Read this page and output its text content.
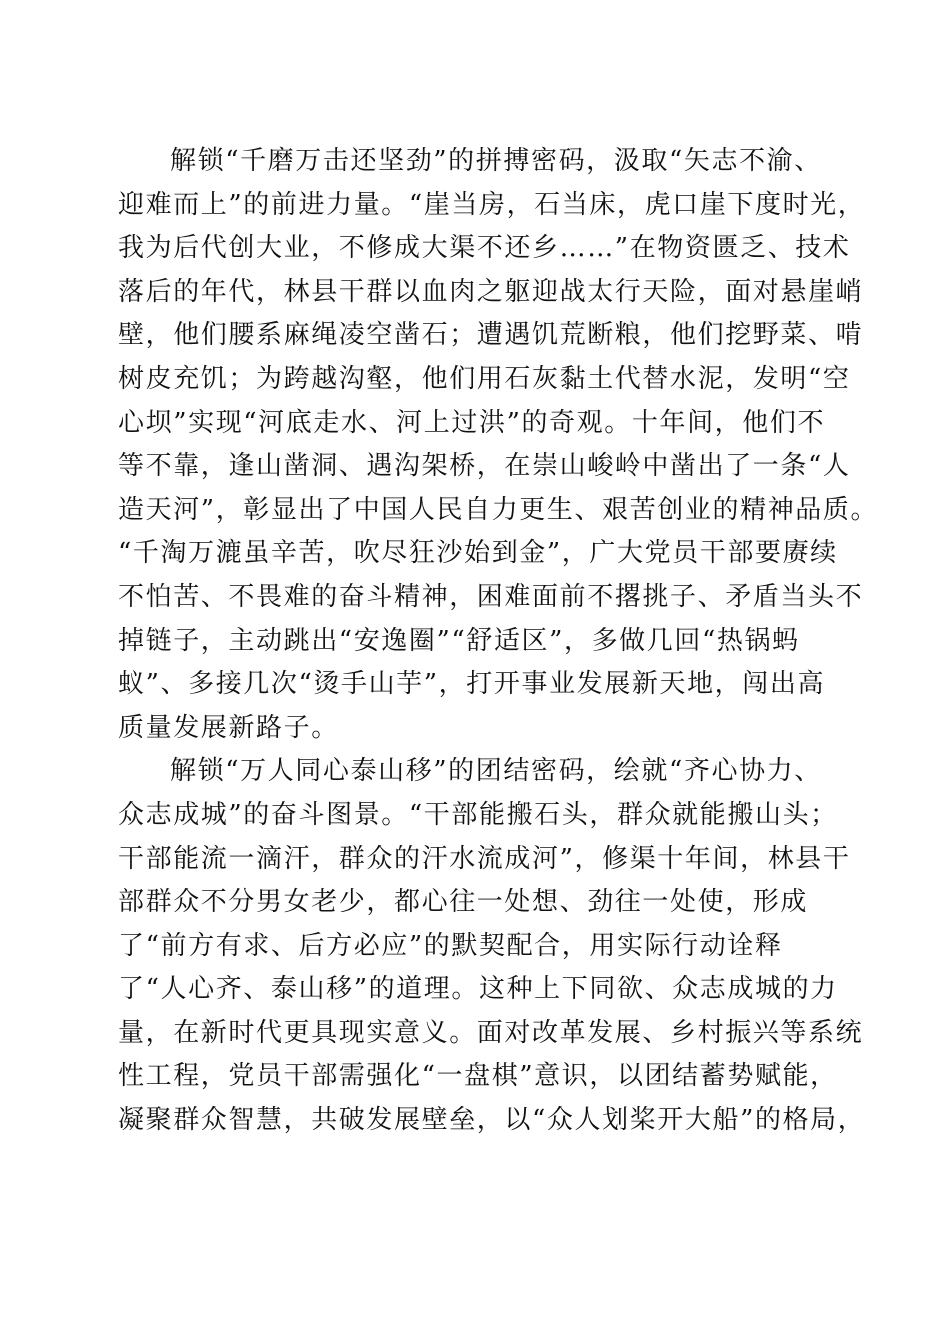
解锁“千磨万击还坚劲”的拼搏密码，汲取“矢志不渝、
迎难而上”的前进力量。“崖当房，石当床，虎口崖下度时光，
我为后代创大业，不修成大渠不还乡……”在物资匮乏、技术
落后的年代，林县干群以血肉之躯迎战太行天险，面对悬崖峭
壁，他们腰系麻绳凌空凿石；遭遇饥荒断粮，他们挖野菜、啃
树皮充饥；为跨越沟壑，他们用石灰黏土代替水泥，发明“空
心坝”实现“河底走水、河上过洪”的奇观。十年间，他们不
等不靠，逢山凿洞、遇沟架桥，在崇山峻岭中凿出了一条“人
造天河”，彰显出了中国人民自力更生、艰苦创业的精神品质。
“千淘万漉虽辛苦，吹尽狂沙始到金”，广大党员干部要赓续
不怕苦、不畏难的奋斗精神，困难面前不撂挑子、矛盾当头不
掉链子，主动跳出“安逸圈”“舒适区”，多做几回“热锅蚂
蚁”、多接几次“烫手山芋”，打开事业发展新天地，闯出高
质量发展新路子。
解锁“万人同心泰山移”的团结密码，绘就“齐心协力、
众志成城”的奋斗图景。“干部能搬石头，群众就能搬山头；
干部能流一滴汗，群众的汗水流成河”，修渠十年间，林县干
部群众不分男女老少，都心往一处想、劲往一处使，形成
了“前方有求、后方必应”的默契配合，用实际行动诠释
了“人心齐、泰山移”的道理。这种上下同欲、众志成城的力
量，在新时代更具现实意义。面对改革发展、乡村振兴等系统
性工程，党员干部需强化“一盘棋”意识，以团结蓄势赋能，
凝聚群众智慧，共破发展壁垒，以“众人划桨开大船”的格局，
